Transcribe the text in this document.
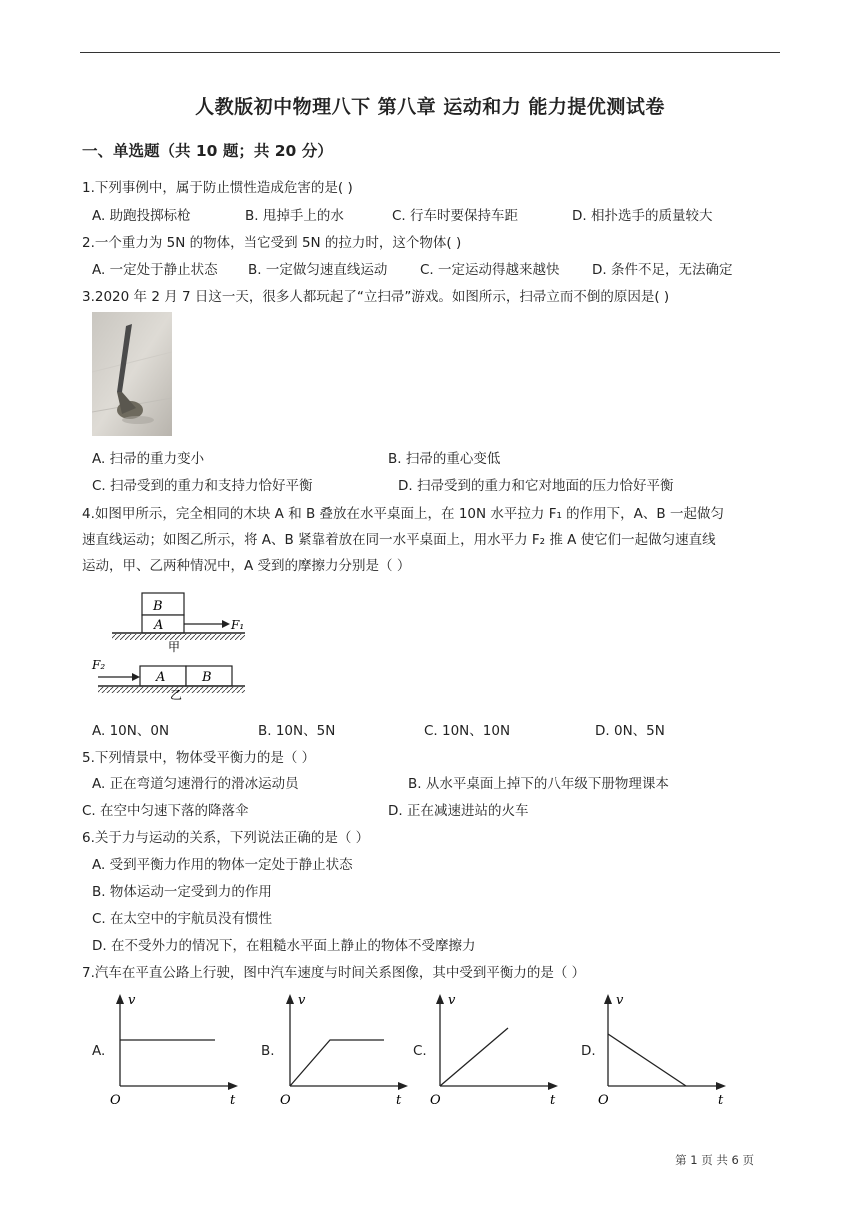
人教版初中物理八下 第八章 运动和力 能力提优测试卷
一、单选题（共 10 题；共 20 分）
1.下列事例中，属于防止惯性造成危害的是( )
A. 助跑投掷标枪	B. 甩掉手上的水	C. 行车时要保持车距	D. 相扑选手的质量较大
2.一个重力为 5N 的物体，当它受到 5N 的拉力时，这个物体( )
A. 一定处于静止状态 B. 一定做匀速直线运动 C. 一定运动得越来越快 D. 条件不足，无法确定
3.2020 年 2 月 7 日这一天，很多人都玩起了“立扫帚”游戏。如图所示，扫帚立而不倒的原因是( )
A. 扫帚的重力变小	B. 扫帚的重心变低
C. 扫帚受到的重力和支持力恰好平衡	D. 扫帚受到的重力和它对地面的压力恰好平衡
4.如图甲所示，完全相同的木块 A 和 B 叠放在水平桌面上，在 10N 水平拉力 F₁ 的作用下，A、B 一起做匀
速直线运动；如图乙所示，将 A、B 紧靠着放在同一水平桌面上，用水平力 F₂ 推 A 使它们一起做匀速直线
运动，甲、乙两种情况中，A 受到的摩擦力分别是（ ）
B
A	F₁
甲
F₂
A	B
乙
A. 10N、0N	B. 10N、5N	C. 10N、10N	D. 0N、5N
5.下列情景中，物体受平衡力的是（ ）
A. 正在弯道匀速滑行的滑冰运动员	B. 从水平桌面上掉下的八年级下册物理课本
C. 在空中匀速下落的降落伞	D. 正在减速进站的火车
6.关于力与运动的关系，下列说法正确的是（ ）
A. 受到平衡力作用的物体一定处于静止状态
B. 物体运动一定受到力的作用
C. 在太空中的宇航员没有惯性
D. 在不受外力的情况下，在粗糙水平面上静止的物体不受摩擦力
7.汽车在平直公路上行驶，图中汽车速度与时间关系图像，其中受到平衡力的是（ ）
A.
v
t
O
B.
v
t
O
C.
v
t
O
D.
v
t
O
第 1 页 共 6 页
